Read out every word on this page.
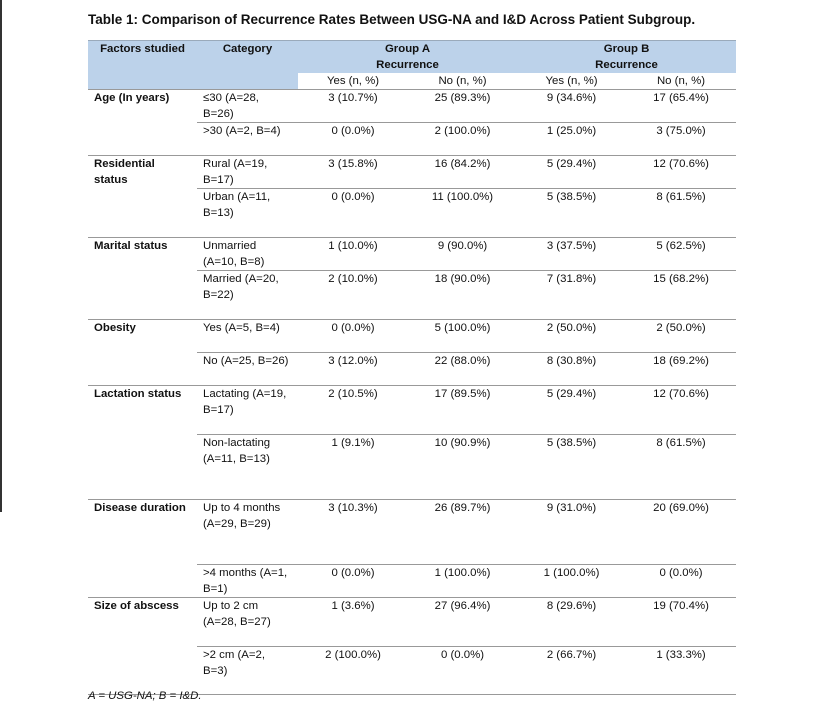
Table 1: Comparison of Recurrence Rates Between USG-NA and I&D Across Patient Subgroup.
Factors studied	Category	Group A		Group B	
		Recurrence		Recurrence	
		Yes (n, %)	No (n, %)	Yes (n, %)	No (n, %)
Age (In years)	≤30 (A=28, B=26)	3 (10.7%)	25 (89.3%)	9 (34.6%)	17 (65.4%)
	>30 (A=2, B=4)	0 (0.0%)	2 (100.0%)	1 (25.0%)	3 (75.0%)
Residential status	Rural (A=19, B=17)	3 (15.8%)	16 (84.2%)	5 (29.4%)	12 (70.6%)
	Urban (A=11, B=13)	0 (0.0%)	11 (100.0%)	5 (38.5%)	8 (61.5%)
Marital status	Unmarried (A=10, B=8)	1 (10.0%)	9 (90.0%)	3 (37.5%)	5 (62.5%)
	Married (A=20, B=22)	2 (10.0%)	18 (90.0%)	7 (31.8%)	15 (68.2%)
Obesity	Yes (A=5, B=4)	0 (0.0%)	5 (100.0%)	2 (50.0%)	2 (50.0%)
	No (A=25, B=26)	3 (12.0%)	22 (88.0%)	8 (30.8%)	18 (69.2%)
Lactation status	Lactating (A=19, B=17)	2 (10.5%)	17 (89.5%)	5 (29.4%)	12 (70.6%)
	Non-lactating (A=11, B=13)	1 (9.1%)	10 (90.9%)	5 (38.5%)	8 (61.5%)
Disease duration	Up to 4 months (A=29, B=29)	3 (10.3%)	26 (89.7%)	9 (31.0%)	20 (69.0%)
	>4 months (A=1, B=1)	0 (0.0%)	1 (100.0%)	1 (100.0%)	0 (0.0%)
Size of abscess	Up to 2 cm (A=28, B=27)	1 (3.6%)	27 (96.4%)	8 (29.6%)	19 (70.4%)
	>2 cm (A=2, B=3)	2 (100.0%)	0 (0.0%)	2 (66.7%)	1 (33.3%)
A = USG-NA; B = I&D.
